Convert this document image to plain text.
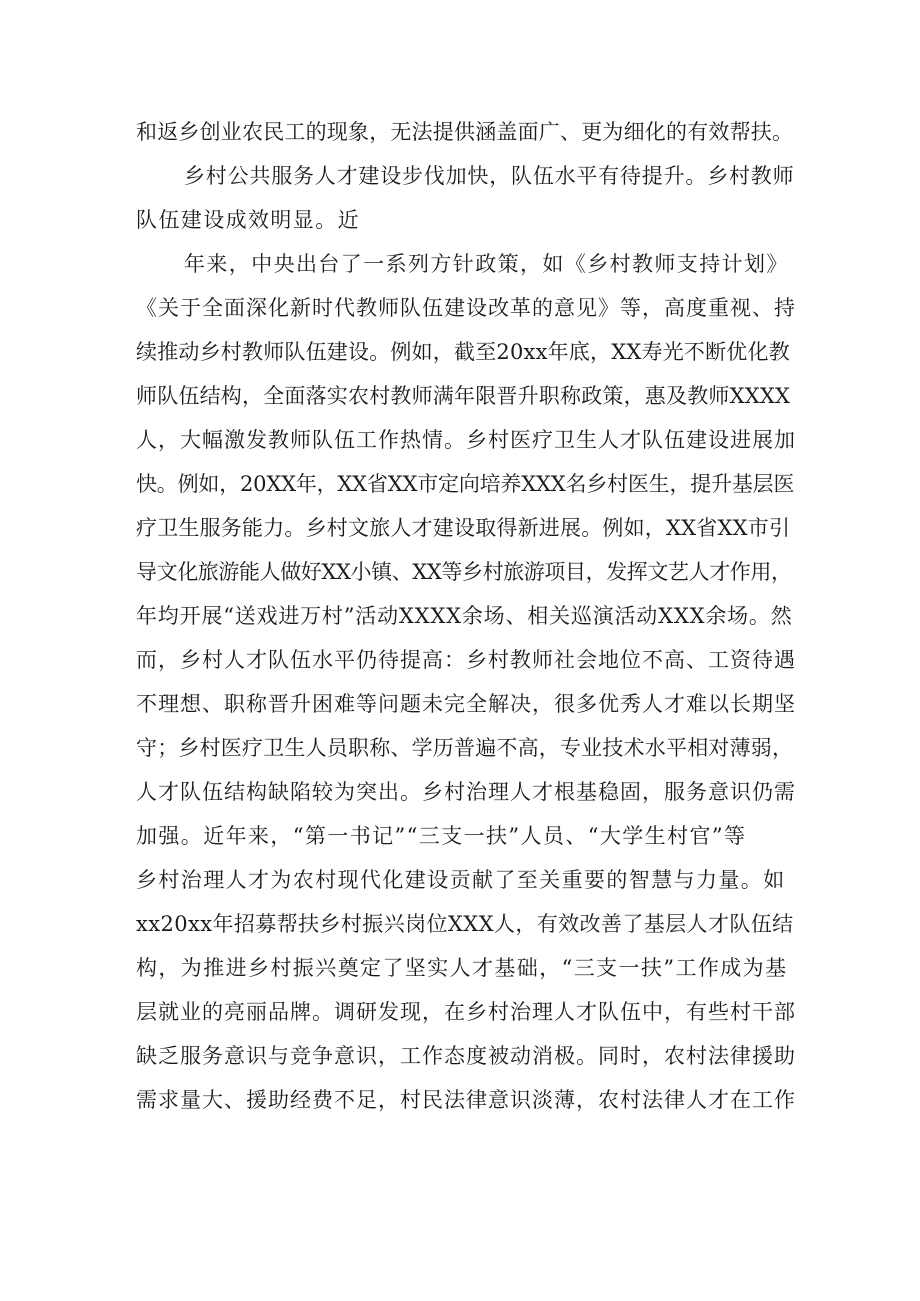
和返乡创业农民工的现象，无法提供涵盖面广、更为细化的有效帮扶。
乡村公共服务人才建设步伐加快，队伍水平有待提升。乡村教师
队伍建设成效明显。近
年来，中央出台了一系列方针政策，如《乡村教师支持计划》
《关于全面深化新时代教师队伍建设改革的意见》等，高度重视、持
续推动乡村教师队伍建设。例如，截至20xx年底，XX寿光不断优化教
师队伍结构，全面落实农村教师满年限晋升职称政策，惠及教师XXXX
人，大幅激发教师队伍工作热情。乡村医疗卫生人才队伍建设进展加
快。例如，20XX年，XX省XX市定向培养XXX名乡村医生，提升基层医
疗卫生服务能力。乡村文旅人才建设取得新进展。例如，XX省XX市引
导文化旅游能人做好XX小镇、XX等乡村旅游项目，发挥文艺人才作用，
年均开展“送戏进万村”活动XXXX余场、相关巡演活动XXX余场。然
而，乡村人才队伍水平仍待提高：乡村教师社会地位不高、工资待遇
不理想、职称晋升困难等问题未完全解决，很多优秀人才难以长期坚
守；乡村医疗卫生人员职称、学历普遍不高，专业技术水平相对薄弱，
人才队伍结构缺陷较为突出。乡村治理人才根基稳固，服务意识仍需
加强。近年来，“第一书记”“三支一扶”人员、“大学生村官”等
乡村治理人才为农村现代化建设贡献了至关重要的智慧与力量。如
xx20xx年招募帮扶乡村振兴岗位XXX人，有效改善了基层人才队伍结
构，为推进乡村振兴奠定了坚实人才基础，“三支一扶”工作成为基
层就业的亮丽品牌。调研发现，在乡村治理人才队伍中，有些村干部
缺乏服务意识与竞争意识，工作态度被动消极。同时，农村法律援助
需求量大、援助经费不足，村民法律意识淡薄，农村法律人才在工作
